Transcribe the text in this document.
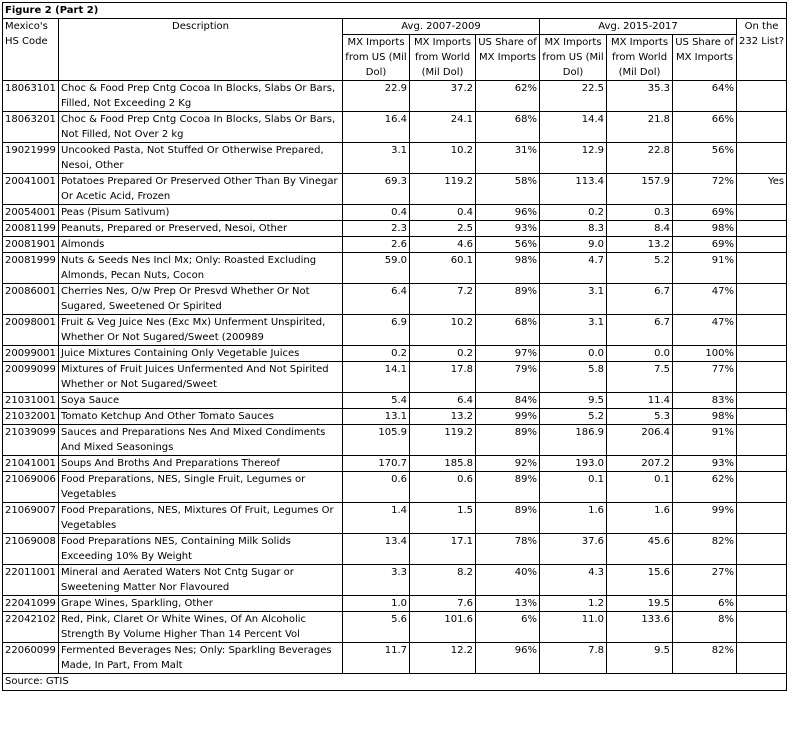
Figure 2 (Part 2)								
Mexico's HS Code	Description	Avg. 2007-2009			Avg. 2015-2017			On the 232 List?
		MX Imports from US (Mil Dol)	MX Imports from World (Mil Dol)	US Share of MX Imports	MX Imports from US (Mil Dol)	MX Imports from World (Mil Dol)	US Share of MX Imports	
18063101	Choc & Food Prep Cntg Cocoa In Blocks, Slabs Or Bars, Filled, Not Exceeding 2 Kg	22.9	37.2	62%	22.5	35.3	64%	
18063201	Choc & Food Prep Cntg Cocoa In Blocks, Slabs Or Bars, Not Filled, Not Over 2 kg	16.4	24.1	68%	14.4	21.8	66%	
19021999	Uncooked Pasta, Not Stuffed Or Otherwise Prepared, Nesoi, Other	3.1	10.2	31%	12.9	22.8	56%	
20041001	Potatoes Prepared Or Preserved Other Than By Vinegar Or Acetic Acid, Frozen	69.3	119.2	58%	113.4	157.9	72%	Yes
20054001	Peas (Pisum Sativum)	0.4	0.4	96%	0.2	0.3	69%	
20081199	Peanuts, Prepared or Preserved, Nesoi, Other	2.3	2.5	93%	8.3	8.4	98%	
20081901	Almonds	2.6	4.6	56%	9.0	13.2	69%	
20081999	Nuts & Seeds Nes Incl Mx; Only: Roasted Excluding Almonds, Pecan Nuts, Cocon	59.0	60.1	98%	4.7	5.2	91%	
20086001	Cherries Nes, O/w Prep Or Presvd Whether Or Not Sugared, Sweetened Or Spirited	6.4	7.2	89%	3.1	6.7	47%	
20098001	Fruit & Veg Juice Nes (Exc Mx) Unferment Unspirited, Whether Or Not Sugared/Sweet (200989	6.9	10.2	68%	3.1	6.7	47%	
20099001	Juice Mixtures Containing Only Vegetable Juices	0.2	0.2	97%	0.0	0.0	100%	
20099099	Mixtures of Fruit Juices Unfermented And Not Spirited Whether or Not Sugared/Sweet	14.1	17.8	79%	5.8	7.5	77%	
21031001	Soya Sauce	5.4	6.4	84%	9.5	11.4	83%	
21032001	Tomato Ketchup And Other Tomato Sauces	13.1	13.2	99%	5.2	5.3	98%	
21039099	Sauces and Preparations Nes And Mixed Condiments And Mixed Seasonings	105.9	119.2	89%	186.9	206.4	91%	
21041001	Soups And Broths And Preparations Thereof	170.7	185.8	92%	193.0	207.2	93%	
21069006	Food Preparations, NES, Single Fruit, Legumes or Vegetables	0.6	0.6	89%	0.1	0.1	62%	
21069007	Food Preparations, NES, Mixtures Of Fruit, Legumes Or Vegetables	1.4	1.5	89%	1.6	1.6	99%	
21069008	Food Preparations NES, Containing Milk Solids Exceeding 10% By Weight	13.4	17.1	78%	37.6	45.6	82%	
22011001	Mineral and Aerated Waters Not Cntg Sugar or Sweetening Matter Nor Flavoured	3.3	8.2	40%	4.3	15.6	27%	
22041099	Grape Wines, Sparkling, Other	1.0	7.6	13%	1.2	19.5	6%	
22042102	Red, Pink, Claret Or White Wines, Of An Alcoholic Strength By Volume Higher Than 14 Percent Vol	5.6	101.6	6%	11.0	133.6	8%	
22060099	Fermented Beverages Nes; Only: Sparkling Beverages Made, In Part, From Malt	11.7	12.2	96%	7.8	9.5	82%	
Source: GTIS								
